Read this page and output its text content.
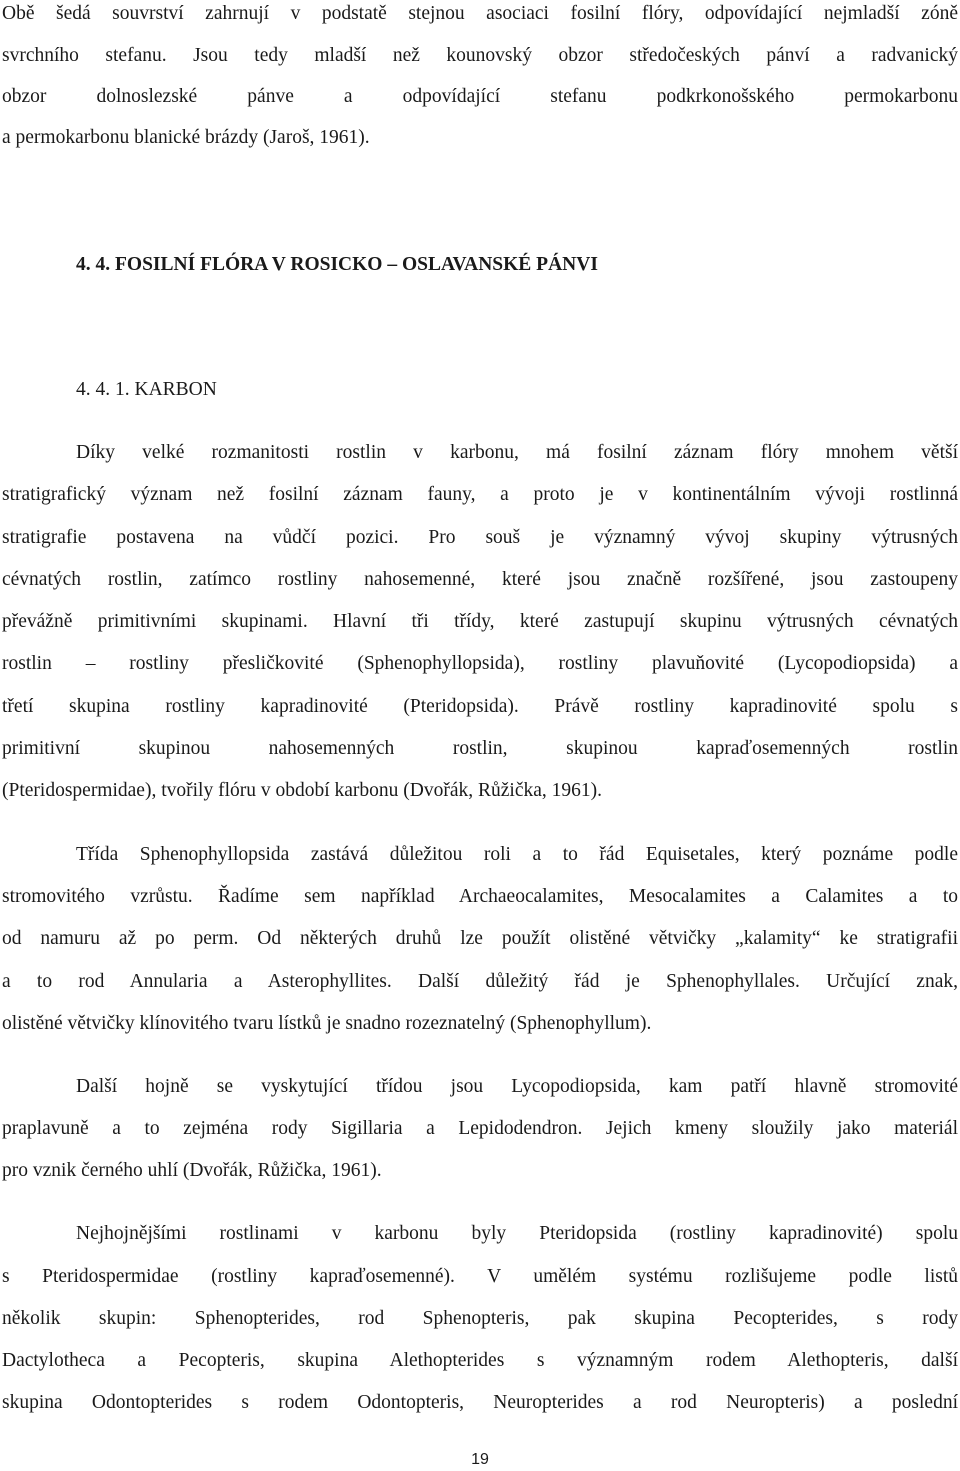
Obě šedá souvrství zahrnují v podstatě stejnou asociaci fosilní flóry, odpovídající nejmladší zóně
svrchního stefanu. Jsou tedy mladší než kounovský obzor středočeských pánví a radvanický
obzor dolnoslezské pánve a odpovídající stefanu podkrkonošského permokarbonu
a permokarbonu blanické brázdy (Jaroš, 1961).
4. 4. FOSILNÍ FLÓRA V ROSICKO – OSLAVANSKÉ PÁNVI
4. 4. 1. KARBON
Díky velké rozmanitosti rostlin v karbonu, má fosilní záznam flóry mnohem větší
stratigrafický význam než fosilní záznam fauny, a proto je v kontinentálním vývoji rostlinná
stratigrafie postavena na vůdčí pozici. Pro souš je významný vývoj skupiny výtrusných
cévnatých rostlin, zatímco rostliny nahosemenné, které jsou značně rozšířené, jsou zastoupeny
převážně primitivními skupinami. Hlavní tři třídy, které zastupují skupinu výtrusných cévnatých
rostlin – rostliny přesličkovité (Sphenophyllopsida), rostliny plavuňovité (Lycopodiopsida) a
třetí skupina rostliny kapradinovité (Pteridopsida). Právě rostliny kapradinovité spolu s
primitivní skupinou nahosemenných rostlin, skupinou kapraďosemenných rostlin
(Pteridospermidae), tvořily flóru v období karbonu (Dvořák, Růžička, 1961).
Třída Sphenophyllopsida zastává důležitou roli a to řád Equisetales, který poznáme podle
stromovitého vzrůstu. Řadíme sem například Archaeocalamites, Mesocalamites a Calamites a to
od namuru až po perm. Od některých druhů lze použít olistěné větvičky „kalamity“ ke stratigrafii
a to rod Annularia a Asterophyllites. Další důležitý řád je Sphenophyllales. Určující znak,
olistěné větvičky klínovitého tvaru lístků je snadno rozeznatelný (Sphenophyllum).
Další hojně se vyskytující třídou jsou Lycopodiopsida, kam patří hlavně stromovité
praplavuně a to zejména rody Sigillaria a Lepidodendron. Jejich kmeny sloužily jako materiál
pro vznik černého uhlí (Dvořák, Růžička, 1961).
Nejhojnějšími rostlinami v karbonu byly Pteridopsida (rostliny kapradinovité) spolu
s Pteridospermidae (rostliny kapraďosemenné). V umělém systému rozlišujeme podle listů
několik skupin: Sphenopterides, rod Sphenopteris, pak skupina Pecopterides, s rody
Dactylotheca a Pecopteris, skupina Alethopterides s významným rodem Alethopteris, další
skupina Odontopterides s rodem Odontopteris, Neuropterides a rod Neuropteris) a poslední
19
